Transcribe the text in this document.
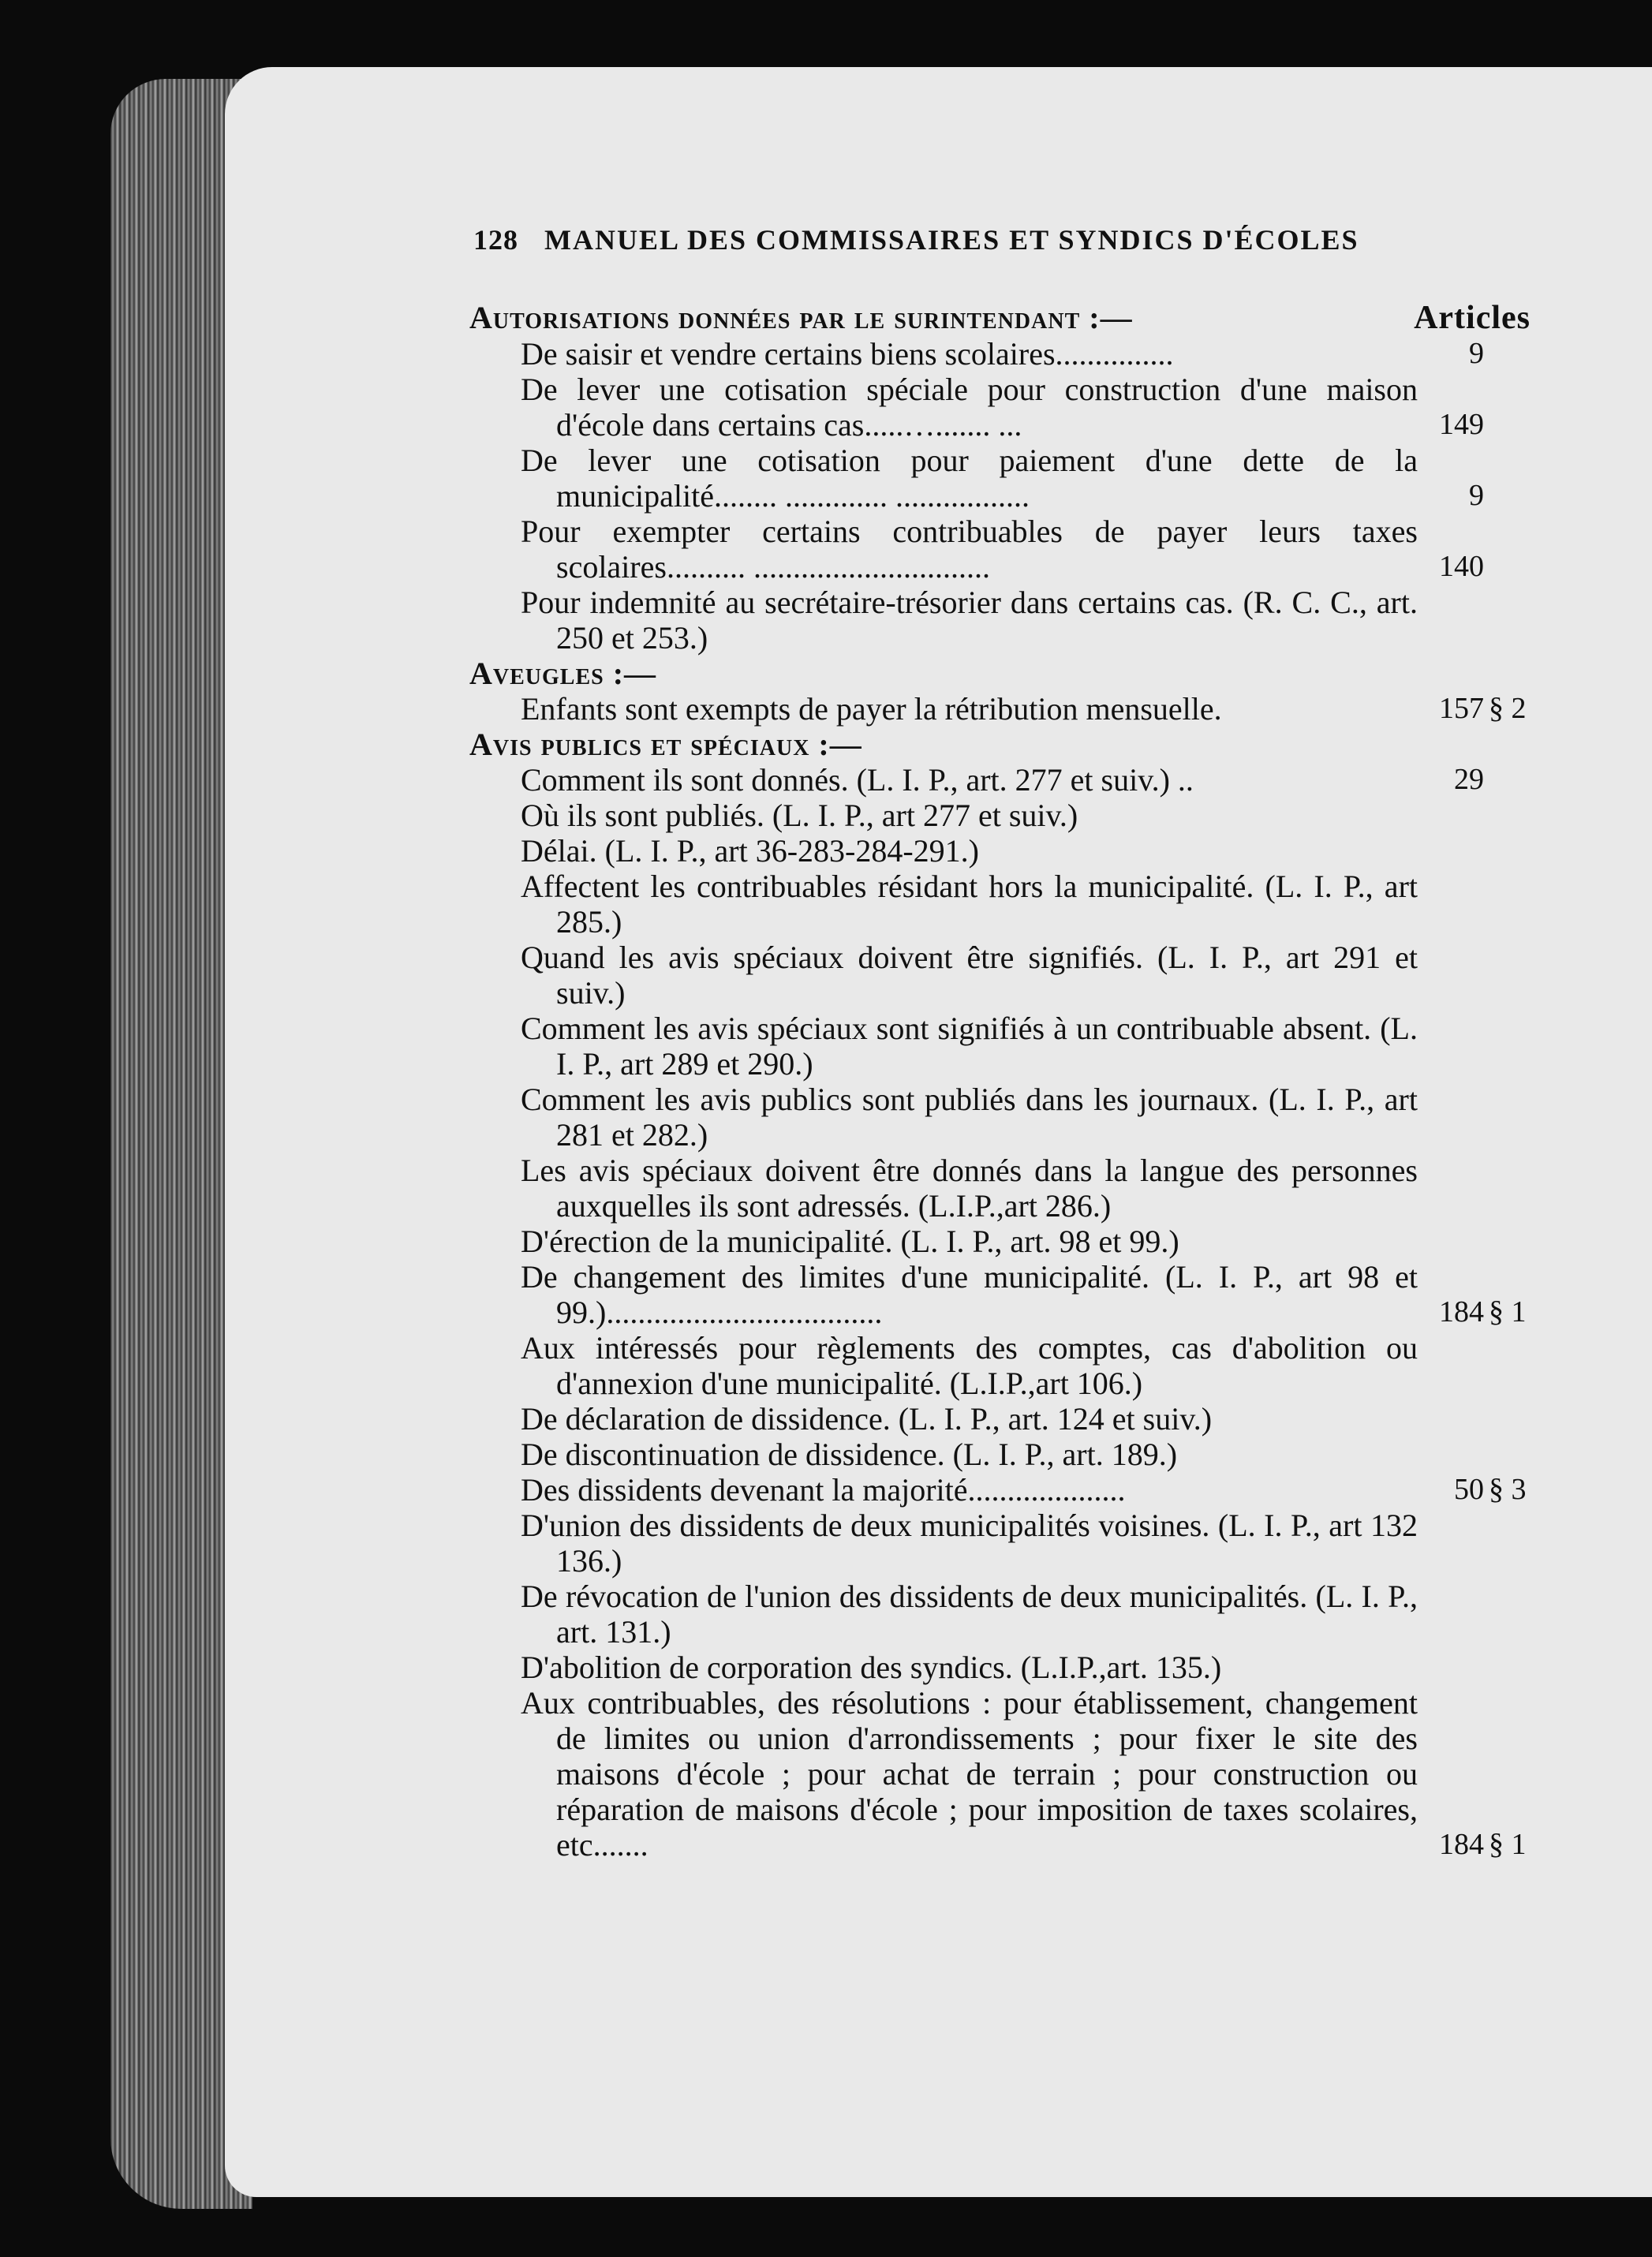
128 MANUEL DES COMMISSAIRES ET SYNDICS D'ÉCOLES
Autorisations données par le surintendant :—	Articles
De saisir et vendre certains biens scolaires...............	9
De lever une cotisation spéciale pour construction d'une maison d'école dans certains cas.....…....... ...	149
De lever une cotisation pour paiement d'une dette de la municipalité........ ............. .................	9
Pour exempter certains contribuables de payer leurs taxes scolaires.......... ..............................	140
Pour indemnité au secrétaire-trésorier dans certains cas. (R. C. C., art. 250 et 253.)
Aveugles :—
Enfants sont exempts de payer la rétribution mensuelle.	157 § 2
Avis publics et spéciaux :—
Comment ils sont donnés. (L. I. P., art. 277 et suiv.) ..	29
Où ils sont publiés. (L. I. P., art 277 et suiv.)
Délai. (L. I. P., art 36-283-284-291.)
Affectent les contribuables résidant hors la municipalité. (L. I. P., art 285.)
Quand les avis spéciaux doivent être signifiés. (L. I. P., art 291 et suiv.)
Comment les avis spéciaux sont signifiés à un contribuable absent. (L. I. P., art 289 et 290.)
Comment les avis publics sont publiés dans les journaux. (L. I. P., art 281 et 282.)
Les avis spéciaux doivent être donnés dans la langue des personnes auxquelles ils sont adressés. (L.I.P.,art 286.)
D'érection de la municipalité. (L. I. P., art. 98 et 99.)
De changement des limites d'une municipalité. (L. I. P., art 98 et 99.)...................................	184 § 1
Aux intéressés pour règlements des comptes, cas d'abolition ou d'annexion d'une municipalité. (L.I.P.,art 106.)
De déclaration de dissidence. (L. I. P., art. 124 et suiv.)
De discontinuation de dissidence. (L. I. P., art. 189.)
Des dissidents devenant la majorité....................	50 § 3
D'union des dissidents de deux municipalités voisines. (L. I. P., art 132 136.)
De révocation de l'union des dissidents de deux municipalités. (L. I. P., art. 131.)
D'abolition de corporation des syndics. (L.I.P.,art. 135.)
Aux contribuables, des résolutions : pour établissement, changement de limites ou union d'arrondissements ; pour fixer le site des maisons d'école ; pour achat de terrain ; pour construction ou réparation de maisons d'école ; pour imposition de taxes scolaires, etc.......	184 § 1
